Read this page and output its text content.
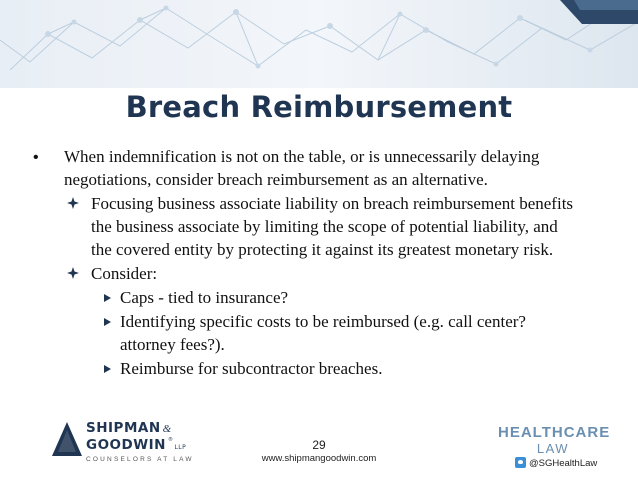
Breach Reimbursement
• When indemnification is not on the table, or is unnecessarily delaying
negotiations, consider breach reimbursement as an alternative.
Focusing business associate liability on breach reimbursement benefits
the business associate by limiting the scope of potential liability, and
the covered entity by protecting it against its greatest monetary risk.
Consider:
Caps - tied to insurance?
Identifying specific costs to be reimbursed (e.g. call center?
attorney fees?).
Reimburse for subcontractor breaches.
SHIPMAN &
GOODWIN ®LLP
COUNSELORS AT LAW
29
www.shipmangoodwin.com
HEALTHCARE
LAW
@SGHealthLaw
